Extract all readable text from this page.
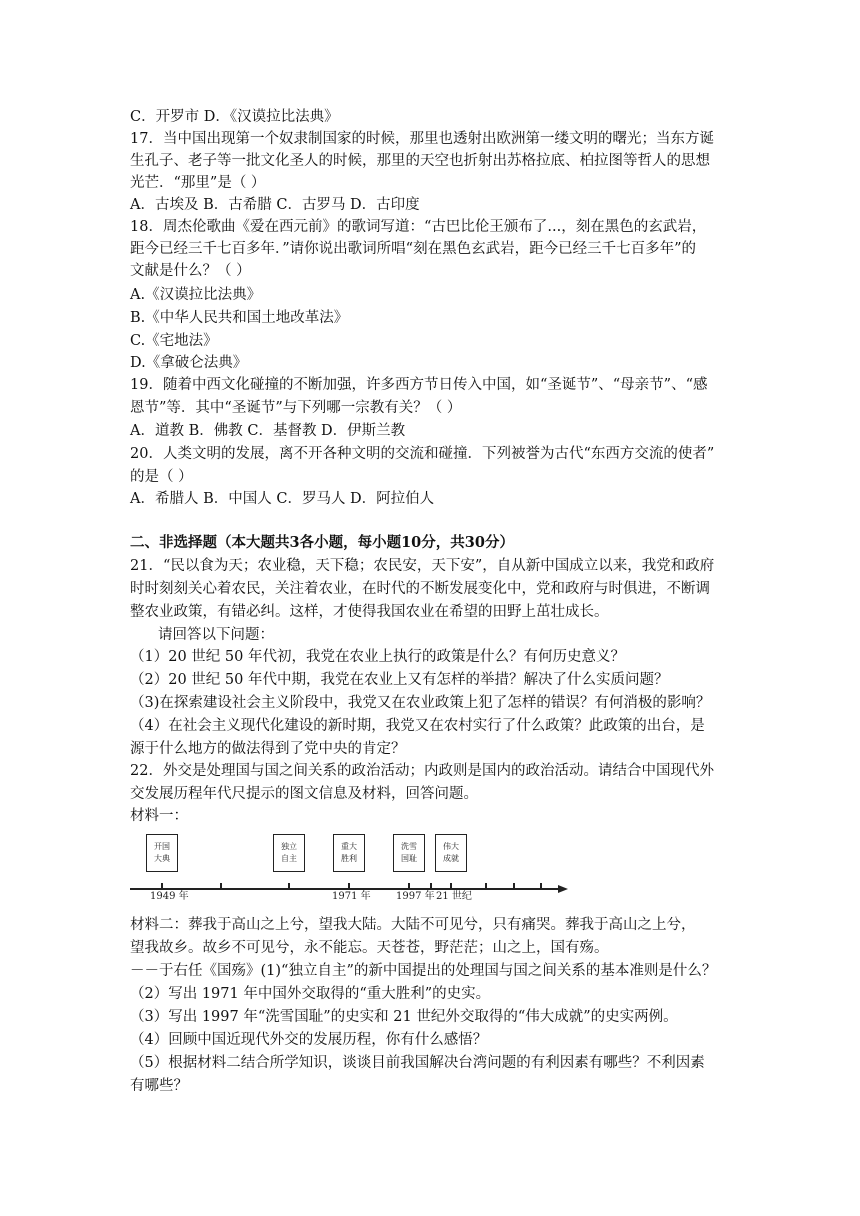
C．开罗市 D．《汉谟拉比法典》
17．当中国出现第一个奴隶制国家的时候，那里也透射出欧洲第一缕文明的曙光；当东方诞
生孔子、老子等一批文化圣人的时候，那里的天空也折射出苏格拉底、柏拉图等哲人的思想
光芒．“那里”是（ ）
A．古埃及 B．古希腊 C．古罗马 D．古印度
18．周杰伦歌曲《爱在西元前》的歌词写道：“古巴比伦王颁布了...，刻在黑色的玄武岩，
距今已经三千七百多年．”请你说出歌词所唱“刻在黑色玄武岩，距今已经三千七百多年”的
文献是什么？（ ）
A.《汉谟拉比法典》
B.《中华人民共和国土地改革法》
C.《宅地法》
D.《拿破仑法典》
19．随着中西文化碰撞的不断加强，许多西方节日传入中国，如“圣诞节”、“母亲节”、“感
恩节”等．其中“圣诞节”与下列哪一宗教有关？（ ）
A．道教 B．佛教 C．基督教 D．伊斯兰教
20．人类文明的发展，离不开各种文明的交流和碰撞．下列被誉为古代“东西方交流的使者”
的是（ ）
A．希腊人 B．中国人 C．罗马人 D．阿拉伯人
二、非选择题（本大题共3各小题，每小题10分，共30分）
21．“民以食为天；农业稳，天下稳；农民安，天下安”，自从新中国成立以来，我党和政府
时时刻刻关心着农民，关注着农业，在时代的不断发展变化中，党和政府与时俱进，不断调
整农业政策，有错必纠。这样，才使得我国农业在希望的田野上茁壮成长。
请回答以下问题：
（1）20 世纪 50 年代初，我党在农业上执行的政策是什么？有何历史意义？
（2）20 世纪 50 年代中期，我党在农业上又有怎样的举措？解决了什么实质问题？
（3)在探索建设社会主义阶段中，我党又在农业政策上犯了怎样的错误？有何消极的影响？
（4）在社会主义现代化建设的新时期，我党又在农村实行了什么政策？此政策的出台，是
源于什么地方的做法得到了党中央的肯定？
22．外交是处理国与国之间关系的政治活动；内政则是国内的政治活动。请结合中国现代外
交发展历程年代尺提示的图文信息及材料，回答问题。
材料一：
开国
大典
独立
自主
重大
胜利
洗雪
国耻
伟大
成就
1949 年	1971 年	1997 年 21 世纪
材料二：葬我于高山之上兮，望我大陆。大陆不可见兮，只有痛哭。葬我于高山之上兮，
望我故乡。故乡不可见兮，永不能忘。天苍苍，野茫茫；山之上，国有殇。
－－于右任《国殇》(1)“独立自主”的新中国提出的处理国与国之间关系的基本准则是什么？
（2）写出 1971 年中国外交取得的“重大胜利”的史实。
（3）写出 1997 年“洗雪国耻”的史实和 21 世纪外交取得的“伟大成就”的史实两例。
（4）回顾中国近现代外交的发展历程，你有什么感悟？
（5）根据材料二结合所学知识，谈谈目前我国解决台湾问题的有利因素有哪些？不利因素
有哪些？
